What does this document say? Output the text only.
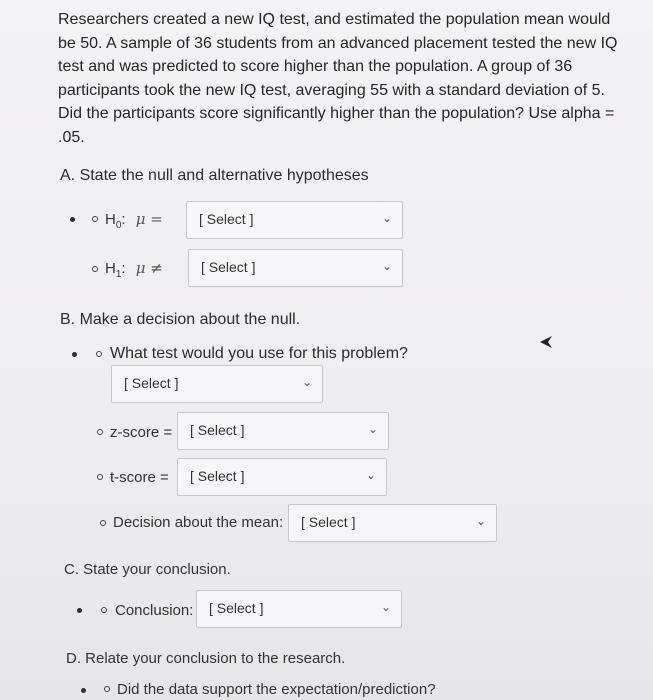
Researchers created a new IQ test, and estimated the population mean would be 50. A sample of 36 students from an advanced placement tested the new IQ test and was predicted to score higher than the population. A group of 36 participants took the new IQ test, averaging 55 with a standard deviation of 5. Did the participants score significantly higher than the population? Use alpha = .05.
A. State the null and alternative hypotheses
$H_0$: μ =	[ Select ]	⌄
$H_1$: μ ≠	[ Select ]	⌄
B. Make a decision about the null.
What test would you use for this problem?
[ Select ]	⌄
z-score = [ Select ]	⌄
t-score = [ Select ]	⌄
Decision about the mean: [ Select ]	⌄
C. State your conclusion.
Conclusion: [ Select ]	⌄
D. Relate your conclusion to the research.
Did the data support the expectation/prediction?
